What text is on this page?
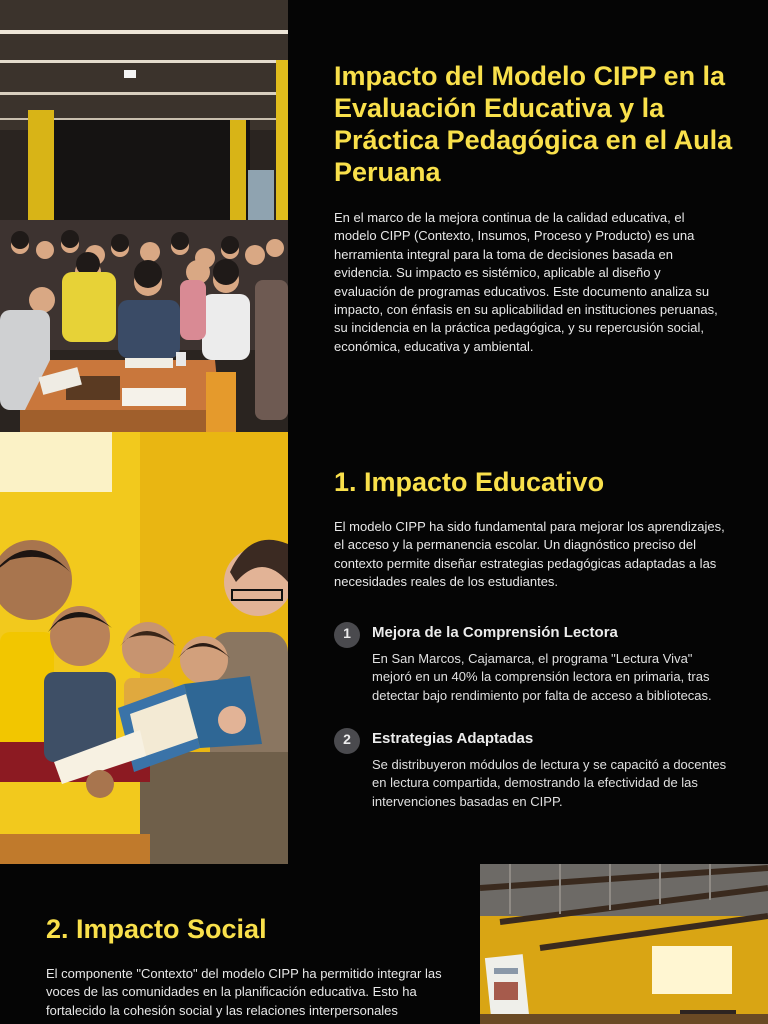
Impacto del Modelo CIPP en la Evaluación Educativa y la Práctica Pedagógica en el Aula Peruana

En el marco de la mejora continua de la calidad educativa, el modelo CIPP (Contexto, Insumos, Proceso y Producto) es una herramienta integral para la toma de decisiones basada en evidencia. Su impacto es sistémico, aplicable al diseño y evaluación de programas educativos. Este documento analiza su impacto, con énfasis en su aplicabilidad en instituciones peruanas, su incidencia en la práctica pedagógica, y su repercusión social, económica, educativa y ambiental.

1. Impacto Educativo

El modelo CIPP ha sido fundamental para mejorar los aprendizajes, el acceso y la permanencia escolar. Un diagnóstico preciso del contexto permite diseñar estrategias pedagógicas adaptadas a las necesidades reales de los estudiantes.

1	Mejora de la Comprensión Lectora

En San Marcos, Cajamarca, el programa "Lectura Viva" mejoró en un 40% la comprensión lectora en primaria, tras detectar bajo rendimiento por falta de acceso a bibliotecas.

2	Estrategias Adaptadas

Se distribuyeron módulos de lectura y se capacitó a docentes en lectura compartida, demostrando la efectividad de las intervenciones basadas en CIPP.

2. Impacto Social

El componente "Contexto" del modelo CIPP ha permitido integrar las voces de las comunidades en la planificación educativa. Esto ha fortalecido la cohesión social y las relaciones interpersonales
